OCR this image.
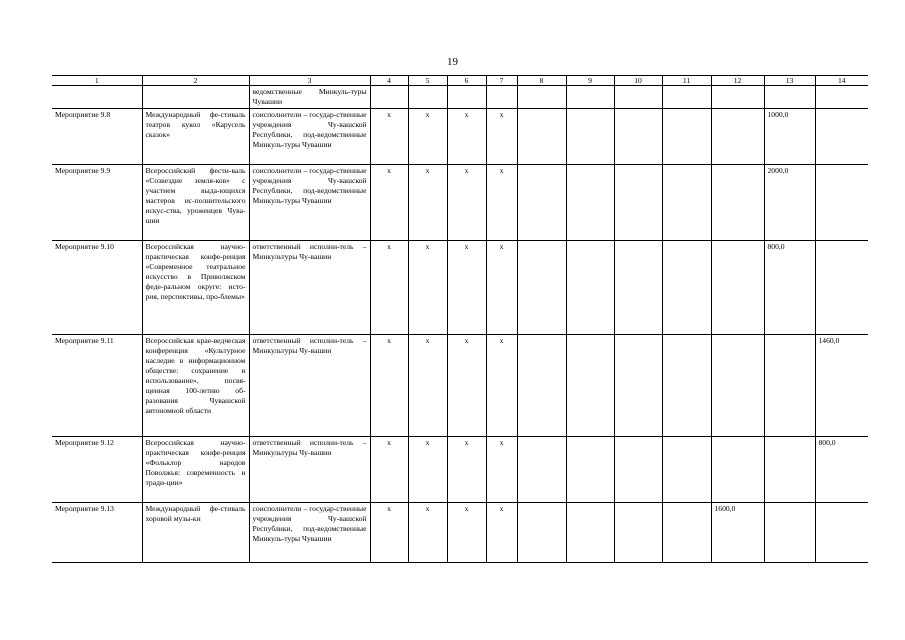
19
1	2	3	4	5	6	7	8	9	10	11	12	13	14
		ведомственные Минкуль-туры Чувашии											
Мероприятие 9.8	Международный фе-стиваль театров кукол «Карусель сказок»	соисполнители – государ-ственные учреждения Чу-вашской Республики, под-ведомственные Минкуль-туры Чувашии	х	х	х	х						1000,0	
Мероприятие 9.9	Всероссийский фести-валь «Созвездие земля-ков» с участием выда-ющихся мастеров ис-полнительского искус-ства, уроженцев Чува-шии	соисполнители – государ-ственные учреждения Чу-вашской Республики, под-ведомственные Минкуль-туры Чувашии	х	х	х	х						2000,0	
Мероприятие 9.10	Всероссийская научно-практическая конфе-ренция «Современное театральное искусство в Приволжском феде-ральном округе: исто-рия, перспективы, про-блемы»	ответственный исполни-тель – Минкультуры Чу-вашии	х	х	х	х						800,0	
Мероприятие 9.11	Всероссийская крае-ведческая конференция «Культурное наследие в информационном обществе: сохранение и использование», посвя-щенная 100-летию об-разования Чувашской автономной области	ответственный исполни-тель – Минкультуры Чу-вашии	х	х	х	х							1460,0
Мероприятие 9.12	Всероссийская научно-практическая конфе-ренция «Фольклор народов Поволжья: современность и тради-ции»	ответственный исполни-тель – Минкультуры Чу-вашии	х	х	х	х							800,0
Мероприятие 9.13	Международный фе-стиваль хоровой музы-ки	соисполнители – государ-ственные учреждения Чу-вашской Республики, под-ведомственные Минкуль-туры Чувашии	х	х	х	х					1600,0		
